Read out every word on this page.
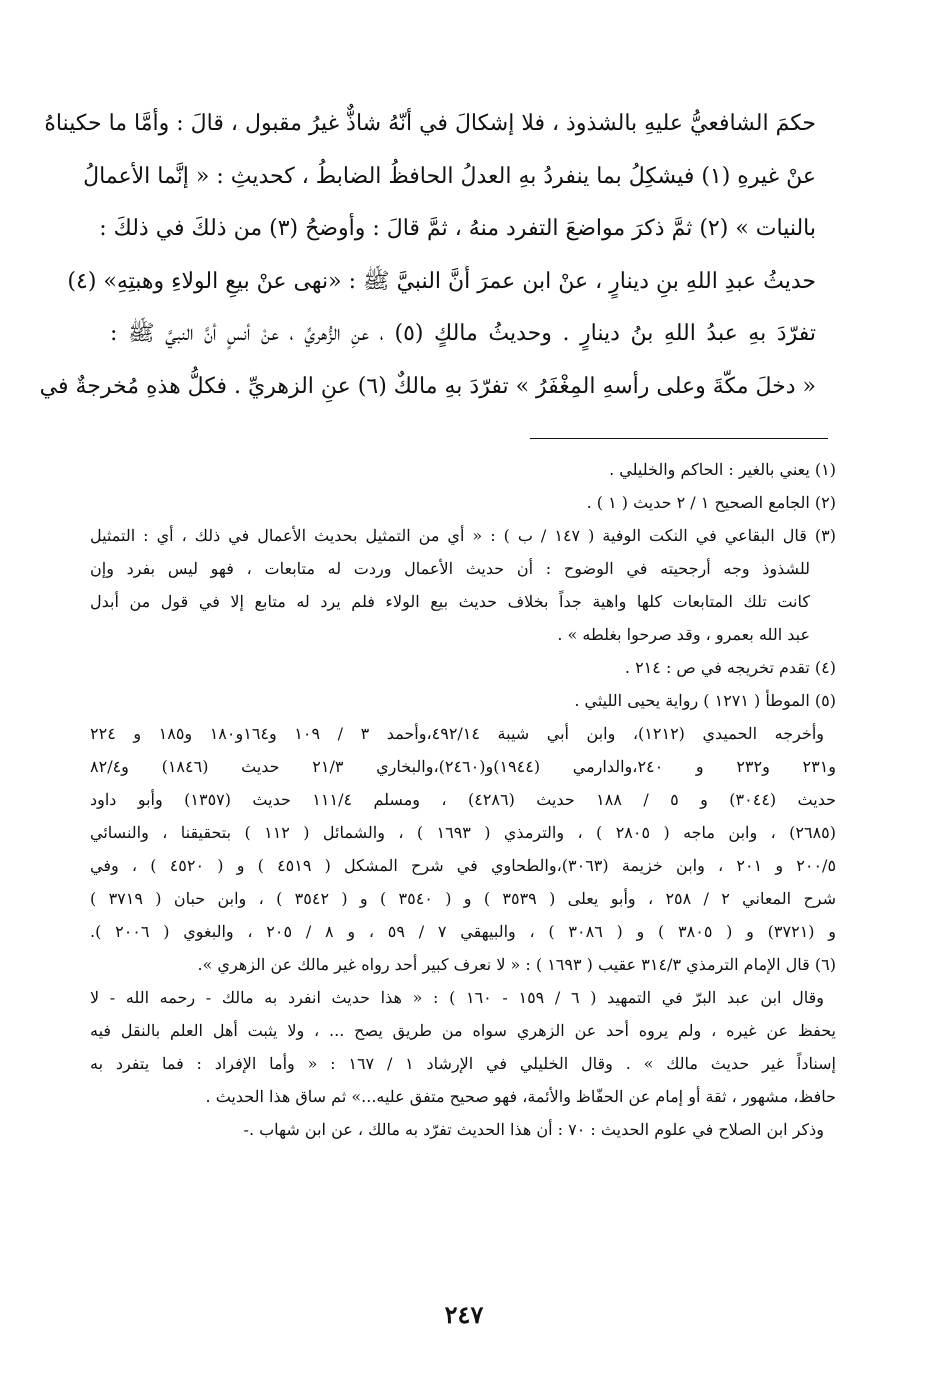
حكمَ الشافعيُّ عليهِ بالشذوذ ، فلا إشكالَ في أنّهُ شاذٌّ غيرُ مقبول ، قالَ : وأمَّا ما حكيناهُ
عنْ غيرهِ (١) فيشكِلُ بما ينفردُ بهِ العدلُ الحافظُ الضابطُ ، كحديثِ : « إنَّما الأعمالُ
بالنيات » (٢) ثمَّ ذكرَ مواضعَ التفرد منهُ ، ثمَّ قالَ : وأوضحُ (٣) من ذلكَ في ذلكَ :
حديثُ عبدِ اللهِ بنِ دينارٍ ، عنْ ابن عمرَ أنَّ النبيَّ ﷺ : «نهى عنْ بيعِ الولاءِ وهبتِهِ» (٤)
تفرّدَ بهِ عبدُ اللهِ بنُ دينارٍ . وحديثُ مالكٍ (٥) ، عنِ الزُّهريِّ ، عنْ أنسٍ أنَّ النبيَّ ﷺ :
« دخلَ مكّةَ وعلى رأسهِ المِغْفَرُ » تفرّدَ بهِ مالكٌ (٦) عنِ الزهريِّ . فكلُّ هذهِ مُخرجةٌ في
(١) يعني بالغير : الحاكم والخليلي .
(٢) الجامع الصحيح ١ / ٢ حديث ( ١ ) .
(٣) قال البقاعي في النكت الوفية ( ١٤٧ / ب ) : « أي من التمثيل بحديث الأعمال في ذلك ، أي : التمثيل
للشذوذ وجه أرجحيته في الوضوح : أن حديث الأعمال وردت له متابعات ، فهو ليس بفرد وإن
كانت تلك المتابعات كلها واهية جداً بخلاف حديث بيع الولاء فلم يرد له متابع إلا في قول من أبدل
عبد الله بعمرو ، وقد صرحوا بغلطه » .
(٤) تقدم تخريجه في ص : ٢١٤ .
(٥) الموطأ ( ١٢٧١ ) رواية يحيى الليثي .
وأخرجه الحميدي (١٢١٢)، وابن أبي شيبة ٤٩٢/١٤،وأحمد ٣ / ١٠٩ و١٦٤و١٨٠ و١٨٥ و ٢٢٤
و٢٣١ و٢٣٢ و ٢٤٠،والدارمي (١٩٤٤)و(٢٤٦٠)،والبخاري ٢١/٣ حديث (١٨٤٦) و٨٢/٤
حديث (٣٠٤٤) و ٥ / ١٨٨ حديث (٤٢٨٦) ، ومسلم ١١١/٤ حديث (١٣٥٧) وأبو داود
(٢٦٨٥) ، وابن ماجه ( ٢٨٠٥ ) ، والترمذي ( ١٦٩٣ ) ، والشمائل ( ١١٢ ) بتحقيقنا ، والنسائي
٢٠٠/٥ و ٢٠١ ، وابن خزيمة (٣٠٦٣)،والطحاوي في شرح المشكل ( ٤٥١٩ ) و ( ٤٥٢٠ ) ، وفي
شرح المعاني ٢ / ٢٥٨ ، وأبو يعلى ( ٣٥٣٩ ) و ( ٣٥٤٠ ) و ( ٣٥٤٢ ) ، وابن حبان ( ٣٧١٩ )
و (٣٧٢١) و ( ٣٨٠٥ ) و ( ٣٠٨٦ ) ، والبيهقي ٧ / ٥٩ ، و ٨ / ٢٠٥ ، والبغوي ( ٢٠٠٦ ).
(٦) قال الإمام الترمذي ٣١٤/٣ عقيب ( ١٦٩٣ ) : « لا نعرف كبير أحد رواه غير مالك عن الزهري ».
وقال ابن عبد البرّ في التمهيد ( ٦ / ١٥٩ - ١٦٠ ) : « هذا حديث انفرد به مالك - رحمه الله - لا
يحفظ عن غيره ، ولم يروه أحد عن الزهري سواه من طريق يصح ... ، ولا يثبت أهل العلم بالنقل فيه
إسناداً غير حديث مالك » . وقال الخليلي في الإرشاد ١ / ١٦٧ : « وأما الإفراد : فما يتفرد به
حافظ، مشهور ، ثقة أو إمام عن الحفّاظ والأئمة، فهو صحيح متفق عليه...» ثم ساق هذا الحديث .
وذكر ابن الصلاح في علوم الحديث : ٧٠ : أن هذا الحديث تفرّد به مالك ، عن ابن شهاب .-
٢٤٧
